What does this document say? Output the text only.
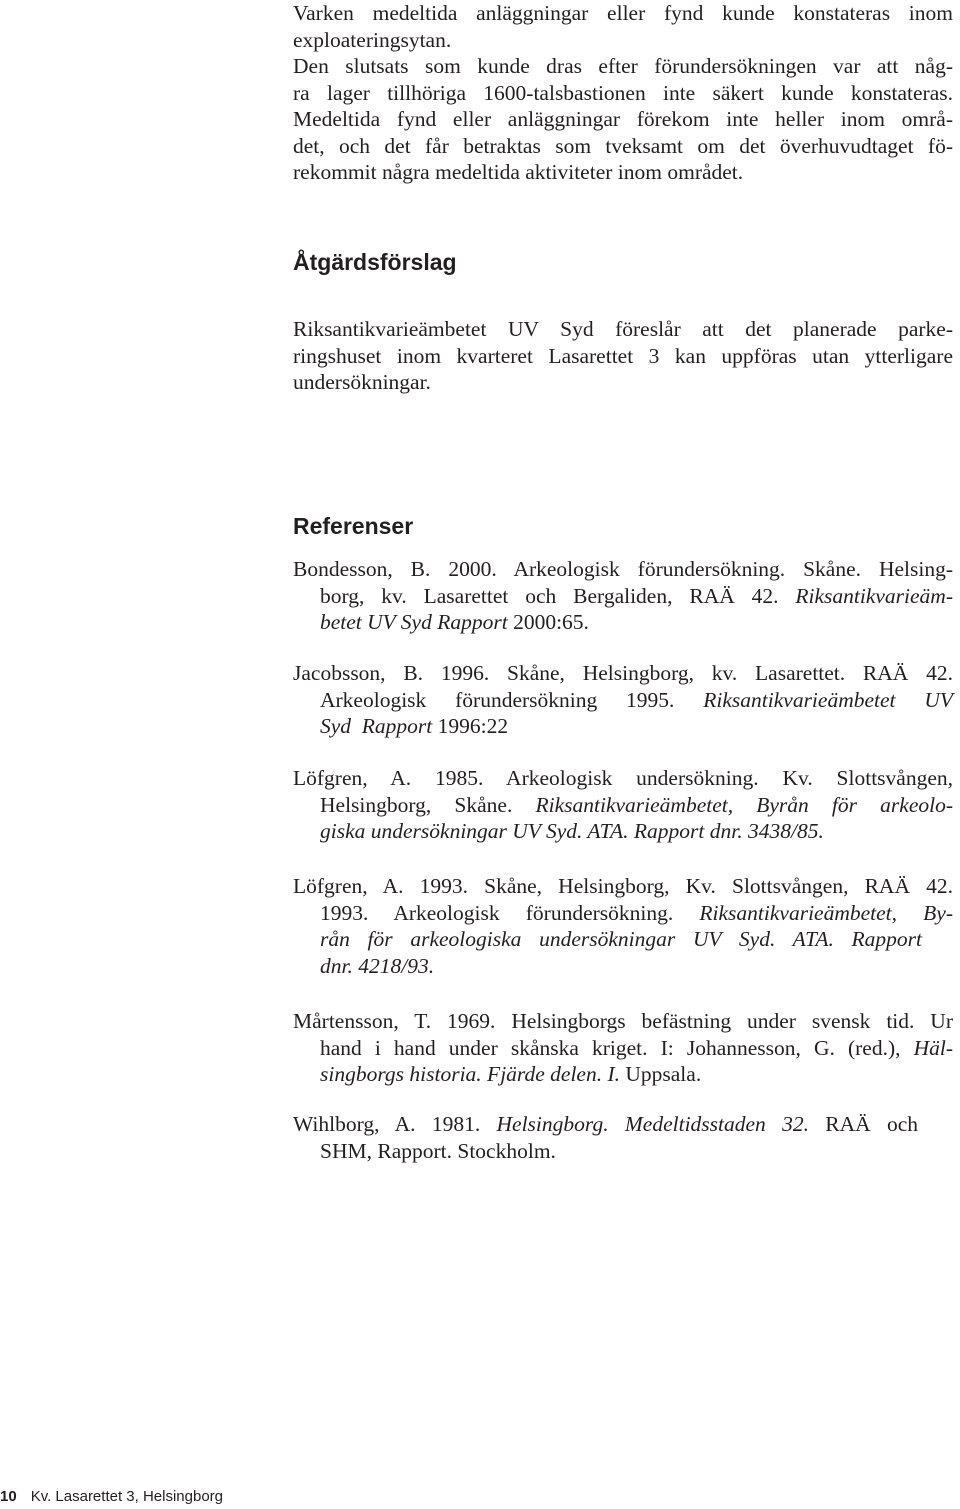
Varken medeltida anläggningar eller fynd kunde konstateras inom
exploateringsytan.
Den slutsats som kunde dras efter förundersökningen var att någ-
ra lager tillhöriga 1600-talsbastionen inte säkert kunde konstateras.
Medeltida fynd eller anläggningar förekom inte heller inom områ-
det, och det får betraktas som tveksamt om det överhuvudtaget fö-
rekommit några medeltida aktiviteter inom området.
Åtgärdsförslag
Riksantikvarieämbetet UV Syd föreslår att det planerade parke-
ringshuset inom kvarteret Lasarettet 3 kan uppföras utan ytterligare
undersökningar.
Referenser
Bondesson, B. 2000. Arkeologisk förundersökning. Skåne. Helsing-
borg, kv. Lasarettet och Bergaliden, RAÄ 42. Riksantikvarieäm-
betet UV Syd Rapport 2000:65.
Jacobsson, B. 1996. Skåne, Helsingborg, kv. Lasarettet. RAÄ 42.
Arkeologisk förundersökning 1995. Riksantikvarieämbetet UV
Syd  Rapport 1996:22
Löfgren, A. 1985. Arkeologisk undersökning. Kv. Slottsvången,
Helsingborg, Skåne. Riksantikvarieämbetet, Byrån för arkeolo-
giska undersökningar UV Syd. ATA. Rapport dnr. 3438/85.
Löfgren, A. 1993. Skåne, Helsingborg, Kv. Slottsvången, RAÄ 42.
1993. Arkeologisk förundersökning. Riksantikvarieämbetet, By-
rån för arkeologiska undersökningar UV Syd. ATA. Rapport
dnr. 4218/93.
Mårtensson, T. 1969. Helsingborgs befästning under svensk tid. Ur
hand i hand under skånska kriget. I: Johannesson, G. (red.), Häl-
singborgs historia. Fjärde delen. I. Uppsala.
Wihlborg, A. 1981. Helsingborg. Medeltidsstaden 32. RAÄ och
SHM, Rapport. Stockholm.
10 Kv. Lasarettet 3, Helsingborg
